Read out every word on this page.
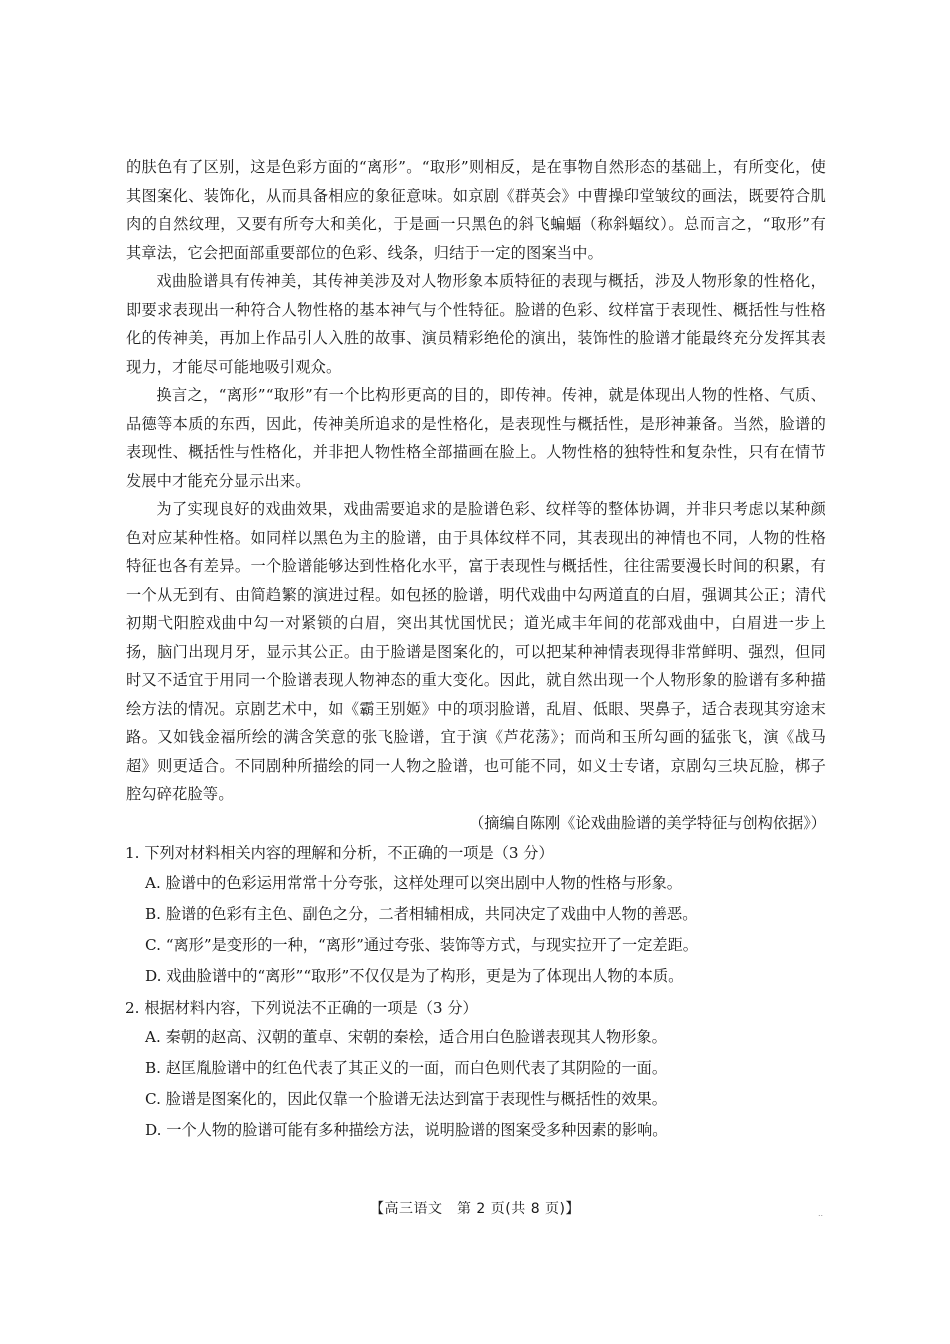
的肤色有了区别，这是色彩方面的“离形”。“取形”则相反，是在事物自然形态的基础上，有所变化，使其图案化、装饰化，从而具备相应的象征意味。如京剧《群英会》中曹操印堂皱纹的画法，既要符合肌肉的自然纹理，又要有所夸大和美化，于是画一只黑色的斜飞蝙蝠（称斜蝠纹）。总而言之，“取形”有其章法，它会把面部重要部位的色彩、线条，归结于一定的图案当中。

戏曲脸谱具有传神美，其传神美涉及对人物形象本质特征的表现与概括，涉及人物形象的性格化，即要求表现出一种符合人物性格的基本神气与个性特征。脸谱的色彩、纹样富于表现性、概括性与性格化的传神美，再加上作品引人入胜的故事、演员精彩绝伦的演出，装饰性的脸谱才能最终充分发挥其表现力，才能尽可能地吸引观众。

换言之，“离形”“取形”有一个比构形更高的目的，即传神。传神，就是体现出人物的性格、气质、品德等本质的东西，因此，传神美所追求的是性格化，是表现性与概括性，是形神兼备。当然，脸谱的表现性、概括性与性格化，并非把人物性格全部描画在脸上。人物性格的独特性和复杂性，只有在情节发展中才能充分显示出来。

为了实现良好的戏曲效果，戏曲需要追求的是脸谱色彩、纹样等的整体协调，并非只考虑以某种颜色对应某种性格。如同样以黑色为主的脸谱，由于具体纹样不同，其表现出的神情也不同，人物的性格特征也各有差异。一个脸谱能够达到性格化水平，富于表现性与概括性，往往需要漫长时间的积累，有一个从无到有、由简趋繁的演进过程。如包拯的脸谱，明代戏曲中勾两道直的白眉，强调其公正；清代初期弋阳腔戏曲中勾一对紧锁的白眉，突出其忧国忧民；道光咸丰年间的花部戏曲中，白眉进一步上扬，脑门出现月牙，显示其公正。由于脸谱是图案化的，可以把某种神情表现得非常鲜明、强烈，但同时又不适宜于用同一个脸谱表现人物神态的重大变化。因此，就自然出现一个人物形象的脸谱有多种描绘方法的情况。京剧艺术中，如《霸王别姬》中的项羽脸谱，乱眉、低眼、哭鼻子，适合表现其穷途末路。又如钱金福所绘的满含笑意的张飞脸谱，宜于演《芦花荡》；而尚和玉所勾画的猛张飞，演《战马超》则更适合。不同剧种所描绘的同一人物之脸谱，也可能不同，如义士专诸，京剧勾三块瓦脸，梆子腔勾碎花脸等。

（摘编自陈刚《论戏曲脸谱的美学特征与创构依据》）

1. 下列对材料相关内容的理解和分析，不正确的一项是（3 分）

A. 脸谱中的色彩运用常常十分夸张，这样处理可以突出剧中人物的性格与形象。

B. 脸谱的色彩有主色、副色之分，二者相辅相成，共同决定了戏曲中人物的善恶。

C. “离形”是变形的一种，“离形”通过夸张、装饰等方式，与现实拉开了一定差距。

D. 戏曲脸谱中的“离形”“取形”不仅仅是为了构形，更是为了体现出人物的本质。

2. 根据材料内容，下列说法不正确的一项是（3 分）

A. 秦朝的赵高、汉朝的董卓、宋朝的秦桧，适合用白色脸谱表现其人物形象。

B. 赵匡胤脸谱中的红色代表了其正义的一面，而白色则代表了其阴险的一面。

C. 脸谱是图案化的，因此仅靠一个脸谱无法达到富于表现性与概括性的效果。

D. 一个人物的脸谱可能有多种描绘方法，说明脸谱的图案受多种因素的影响。

【高三语文　第 2 页(共 8 页)】	..
